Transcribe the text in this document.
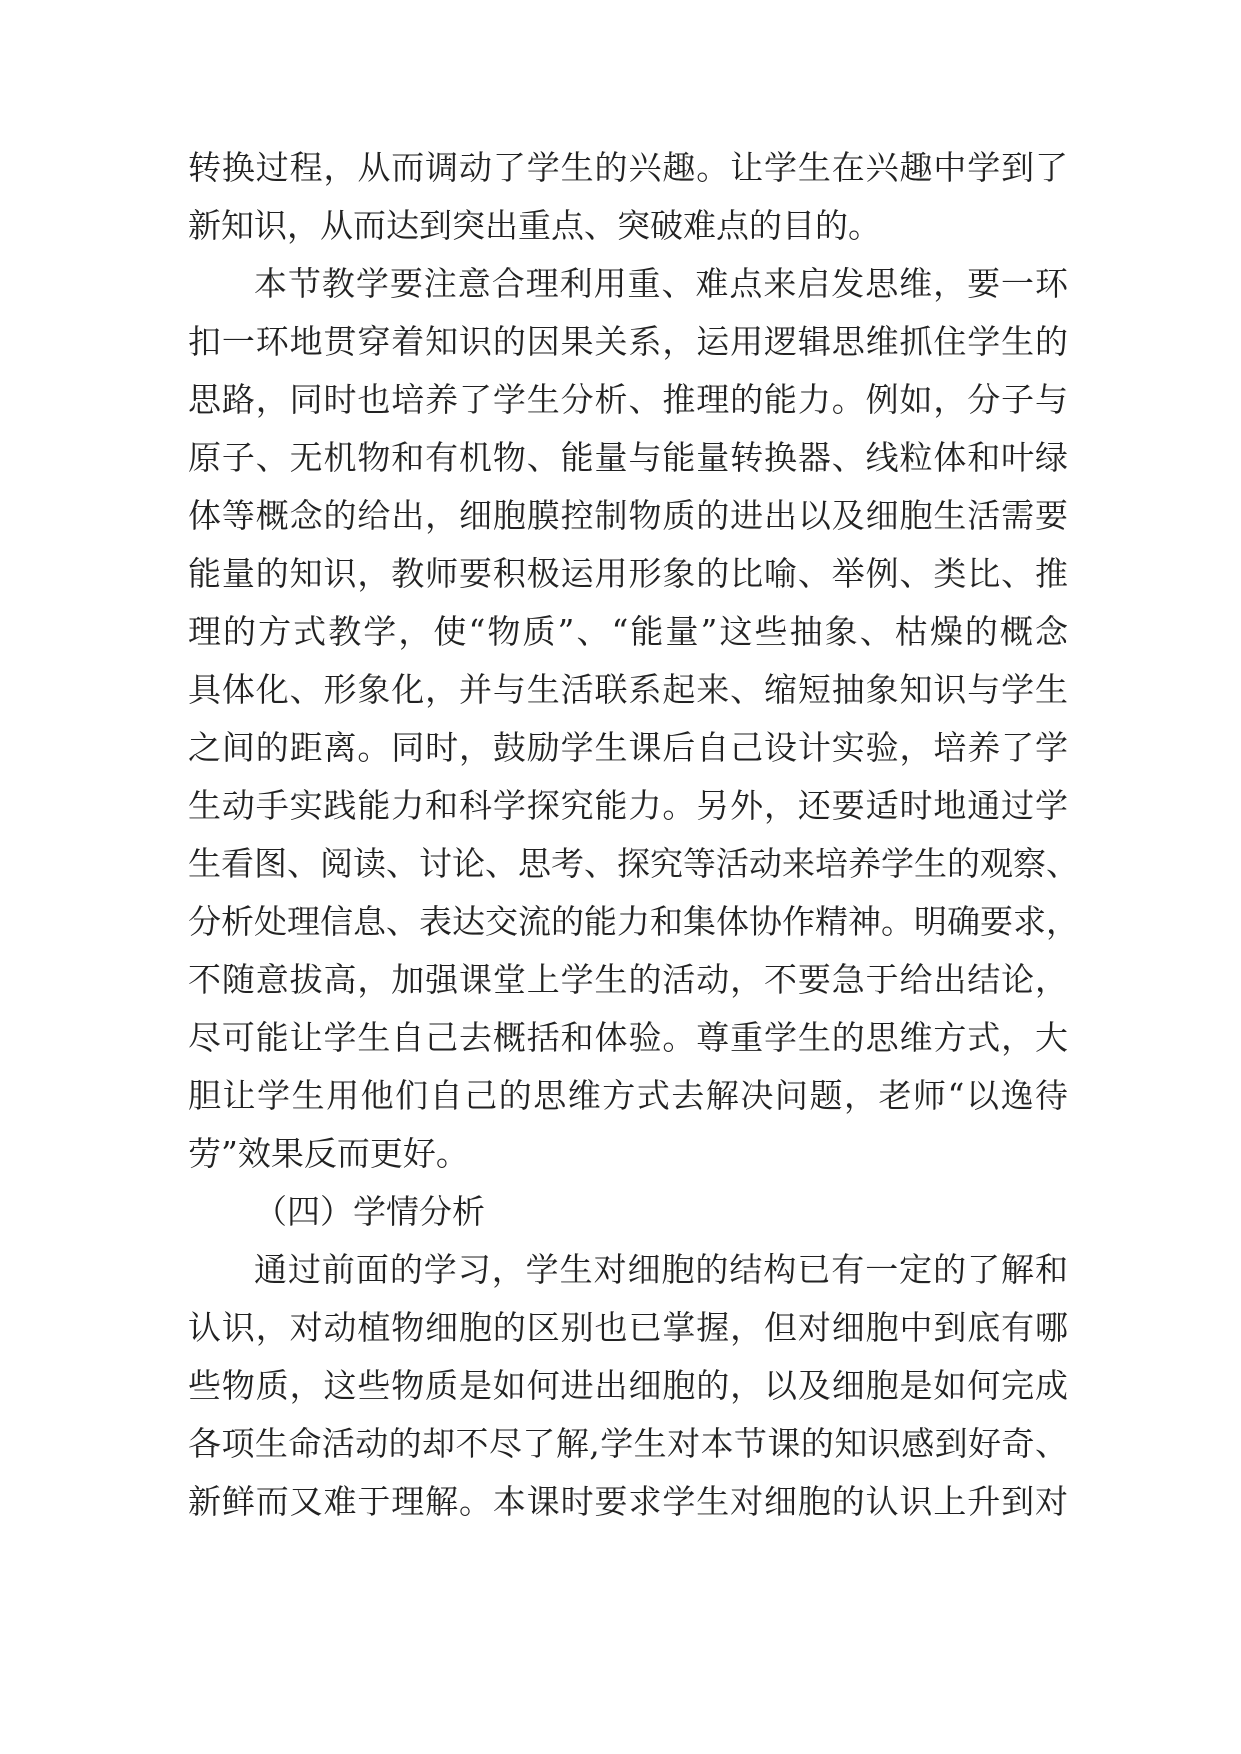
转换过程，从而调动了学生的兴趣。让学生在兴趣中学到了
新知识，从而达到突出重点、突破难点的目的。
本节教学要注意合理利用重、难点来启发思维，要一环
扣一环地贯穿着知识的因果关系，运用逻辑思维抓住学生的
思路，同时也培养了学生分析、推理的能力。例如，分子与
原子、无机物和有机物、能量与能量转换器、线粒体和叶绿
体等概念的给出，细胞膜控制物质的进出以及细胞生活需要
能量的知识，教师要积极运用形象的比喻、举例、类比、推
理的方式教学，使“物质”、“能量”这些抽象、枯燥的概念
具体化、形象化，并与生活联系起来、缩短抽象知识与学生
之间的距离。同时，鼓励学生课后自己设计实验，培养了学
生动手实践能力和科学探究能力。另外，还要适时地通过学
生看图、阅读、讨论、思考、探究等活动来培养学生的观察、
分析处理信息、表达交流的能力和集体协作精神。明确要求，
不随意拔高，加强课堂上学生的活动，不要急于给出结论，
尽可能让学生自己去概括和体验。尊重学生的思维方式，大
胆让学生用他们自己的思维方式去解决问题，老师“以逸待
劳”效果反而更好。
（四）学情分析
通过前面的学习，学生对细胞的结构已有一定的了解和
认识，对动植物细胞的区别也已掌握，但对细胞中到底有哪
些物质，这些物质是如何进出细胞的，以及细胞是如何完成
各项生命活动的却不尽了解,学生对本节课的知识感到好奇、
新鲜而又难于理解。本课时要求学生对细胞的认识上升到对
